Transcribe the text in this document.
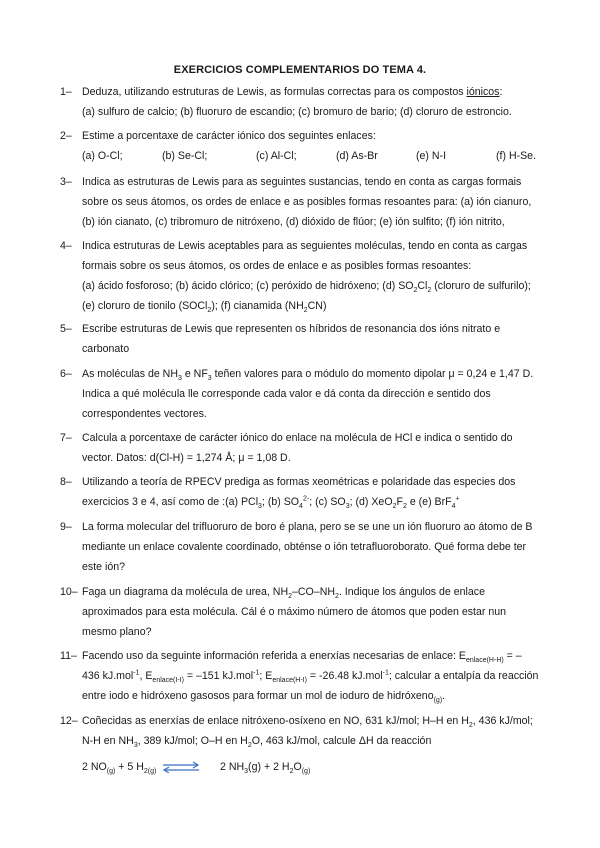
EXERCICIOS COMPLEMENTARIOS DO TEMA 4.
1– Deduza, utilizando estruturas de Lewis, as formulas correctas para os compostos iónicos:
(a) sulfuro de calcio; (b) fluoruro de escandio; (c) bromuro de bario; (d) cloruro de estroncio.
2– Estime a porcentaxe de carácter iónico dos seguintes enlaces:
(a) O-Cl;	(b) Se-Cl;	(c) Al-Cl;	(d) As-Br	(e) N-I	(f) H-Se.
3– Indica as estruturas de Lewis para as seguintes sustancias, tendo en conta as cargas formais
sobre os seus átomos, os ordes de enlace e as posibles formas resoantes para: (a) ión cianuro,
(b) ión cianato, (c) tribromuro de nitróxeno, (d) dióxido de flúor; (e) ión sulfito; (f) ión nitrito,
4– Indica estruturas de Lewis aceptables para as seguientes moléculas, tendo en conta as cargas
formais sobre os seus átomos, os ordes de enlace e as posibles formas resoantes:
(a) ácido fosforoso; (b) ácido clórico; (c) peróxido de hidróxeno; (d) $SO_2Cl_2$ (cloruro de sulfurilo);
(e) cloruro de tionilo (SOCl$_2$); (f) cianamida $(NH_2CN)$
5– Escribe estruturas de Lewis que representen os híbridos de resonancia dos ións nitrato e
carbonato
6– As moléculas de $NH_3$ e $NF_3$ teñen valores para o módulo do momento dipolar μ = 0,24 e 1,47 D.
Indica a qué molécula lle corresponde cada valor e dá conta da dirección e sentido dos
correspondentes vectores.
7– Calcula a porcentaxe de carácter iónico do enlace na molécula de HCl e indica o sentido do
vector. Datos: d(Cl-H) = 1,274 Å; μ = 1,08 D.
8– Utilizando a teoría de RPECV prediga as formas xeométricas e polaridade das especies dos
exercicios 3 e 4, así como de :(a) PCl$_3$; (b) $SO_4^{2-}$; (c) $SO_3$; (d) $XeO_2F_2$ e (e) BrF$_4$+
9– La forma molecular del trifluoruro de boro é plana, pero se se une un ión fluoruro ao átomo de B
mediante un enlace covalente coordinado, obténse o ión tetrafluoroborato. Qué forma debe ter
este ión?
10– Faga un diagrama da molécula de urea, $NH_2-CO-NH_2$. Indique los ángulos de enlace
aproximados para esta molécula. Cál é o máximo número de átomos que poden estar nun
mesmo plano?
11– Facendo uso da seguinte información referida a enerxías necesarias de enlace: $E_{enlace(H-H)}$ = –
436 kJ.mol$^{-1}$, $E_{enlace(I-I)} = -151$ kJ.mol$^{-1}$; $E_{enlace(H-I)} = -26.48$ kJ.mol$^{-1}$; calcular a entalpía da reacción
entre iodo e hidróxeno gasosos para formar un mol de ioduro de hidróxeno$_{(g)}$.
12– Coñecidas as enerxías de enlace nitróxeno-osíxeno en NO, 631 kJ/mol; H–H en $H_2$, 436 kJ/mol;
N-H en $NH_3$, 389 kJ/mol; O–H en $H_2O$, 463 kJ/mol, calcule ΔH da reacción
2 $NO_{(g)} + 5$ $H_{2(g)}$ ⇌ 2 $NH_3(g) + 2$ $H_2O_{(g)}$
